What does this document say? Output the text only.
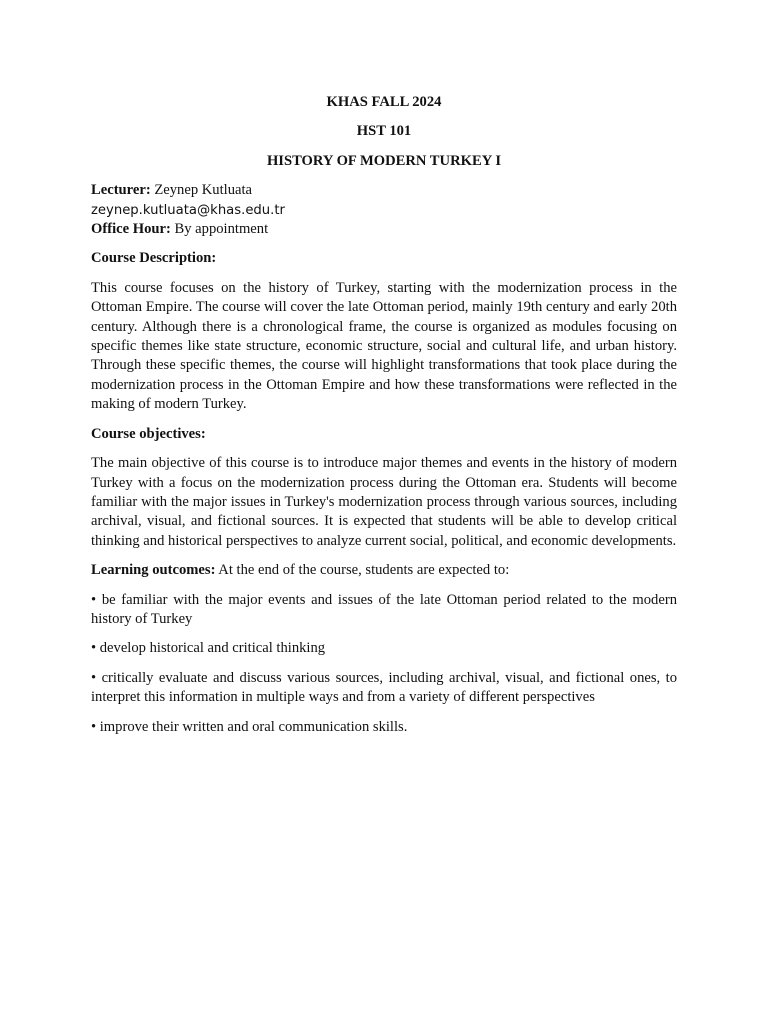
KHAS FALL 2024
HST 101
HISTORY OF MODERN TURKEY I
Lecturer: Zeynep Kutluata
zeynep.kutluata@khas.edu.tr
Office Hour: By appointment
Course Description:
This course focuses on the history of Turkey, starting with the modernization process in the Ottoman Empire. The course will cover the late Ottoman period, mainly 19th century and early 20th century. Although there is a chronological frame, the course is organized as modules focusing on specific themes like state structure, economic structure, social and cultural life, and urban history. Through these specific themes, the course will highlight transformations that took place during the modernization process in the Ottoman Empire and how these transformations were reflected in the making of modern Turkey.
Course objectives:
The main objective of this course is to introduce major themes and events in the history of modern Turkey with a focus on the modernization process during the Ottoman era. Students will become familiar with the major issues in Turkey's modernization process through various sources, including archival, visual, and fictional sources. It is expected that students will be able to develop critical thinking and historical perspectives to analyze current social, political, and economic developments.
Learning outcomes: At the end of the course, students are expected to:
• be familiar with the major events and issues of the late Ottoman period related to the modern history of Turkey
• develop historical and critical thinking
• critically evaluate and discuss various sources, including archival, visual, and fictional ones, to interpret this information in multiple ways and from a variety of different perspectives
• improve their written and oral communication skills.
